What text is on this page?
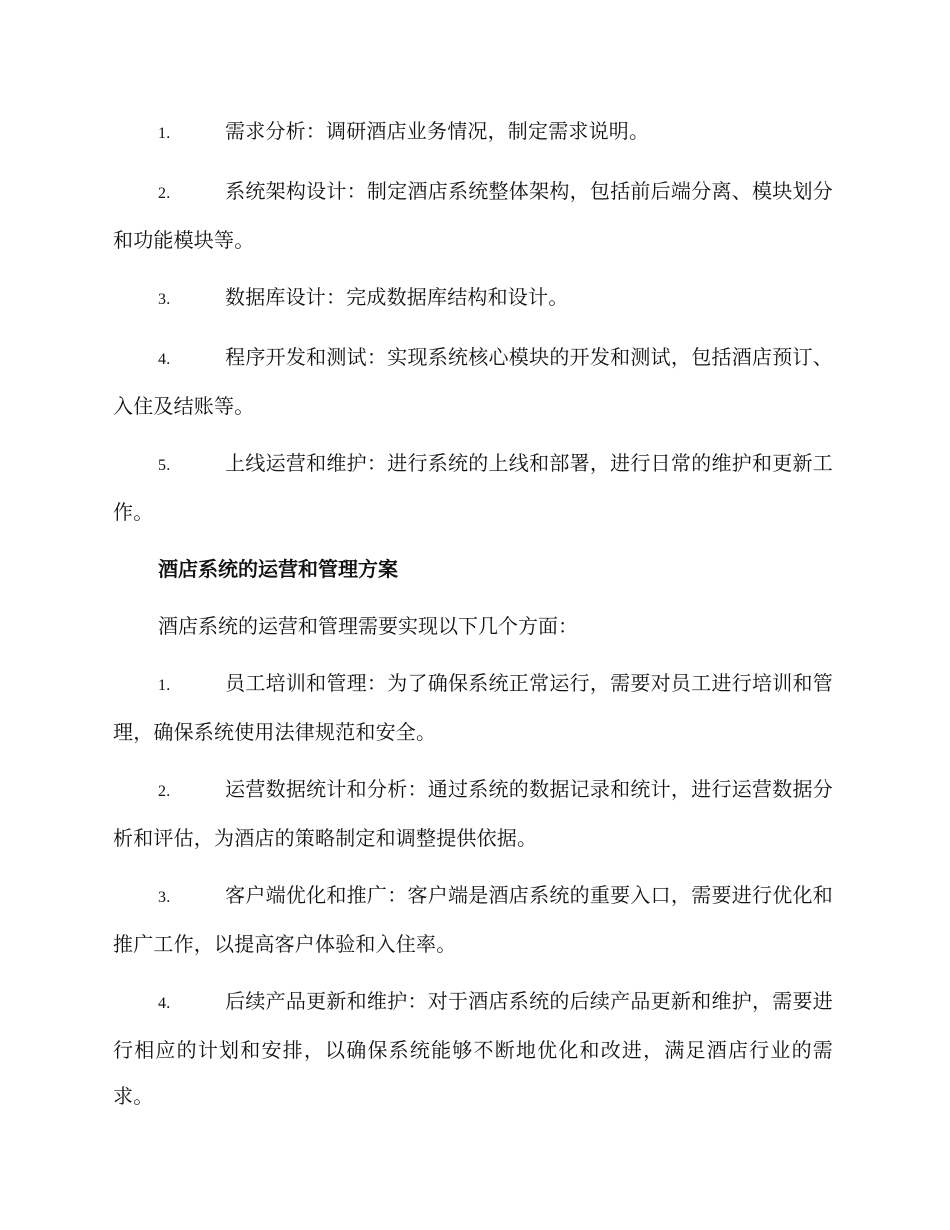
1.	需求分析：调研酒店业务情况，制定需求说明。

2.	系统架构设计：制定酒店系统整体架构，包括前后端分离、模块划分和功能模块等。

3.	数据库设计：完成数据库结构和设计。

4.	程序开发和测试：实现系统核心模块的开发和测试，包括酒店预订、入住及结账等。

5.	上线运营和维护：进行系统的上线和部署，进行日常的维护和更新工作。

酒店系统的运营和管理方案

酒店系统的运营和管理需要实现以下几个方面：

1.	员工培训和管理：为了确保系统正常运行，需要对员工进行培训和管理，确保系统使用法律规范和安全。

2.	运营数据统计和分析：通过系统的数据记录和统计，进行运营数据分析和评估，为酒店的策略制定和调整提供依据。

3.	客户端优化和推广：客户端是酒店系统的重要入口，需要进行优化和推广工作，以提高客户体验和入住率。

4.	后续产品更新和维护：对于酒店系统的后续产品更新和维护，需要进行相应的计划和安排，以确保系统能够不断地优化和改进，满足酒店行业的需求。
